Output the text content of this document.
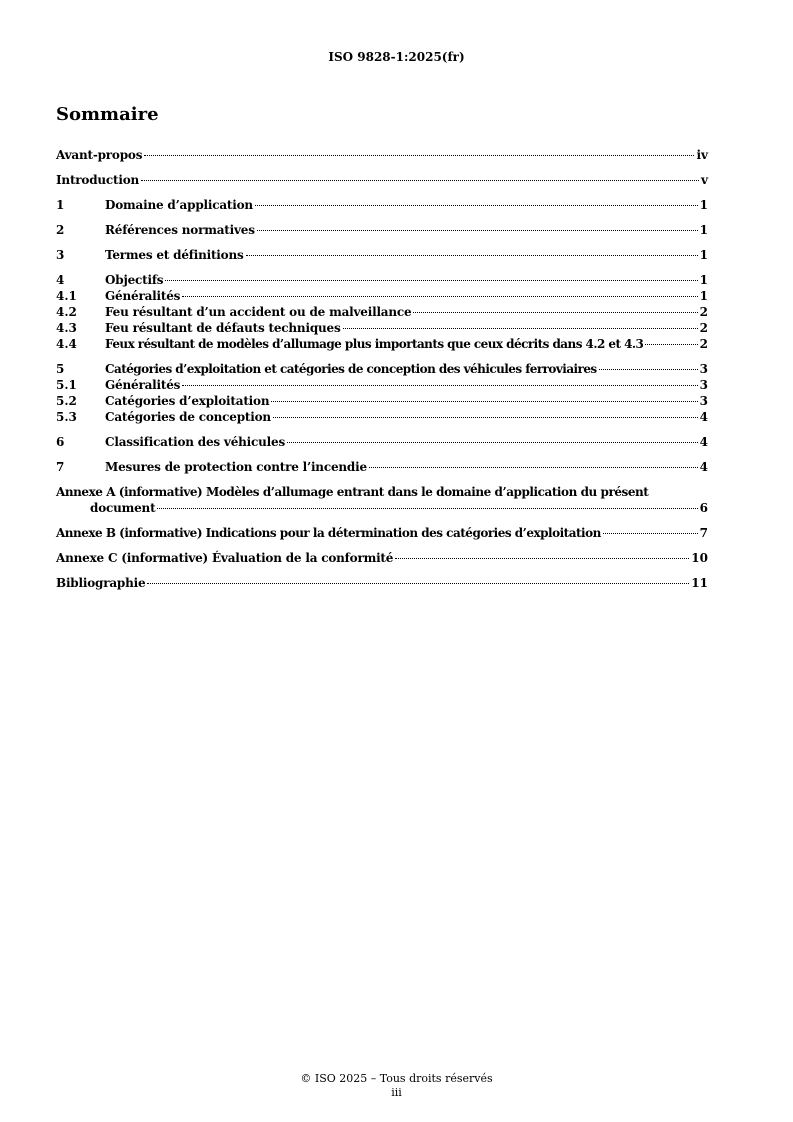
ISO 9828-1:2025(fr)
Sommaire
Avant-propos	iv
Introduction	v
1	Domaine d’application	1
2	Références normatives	1
3	Termes et définitions	1
4	Objectifs	1
4.1	Généralités	1
4.2	Feu résultant d’un accident ou de malveillance	2
4.3	Feu résultant de défauts techniques	2
4.4	Feux résultant de modèles d’allumage plus importants que ceux décrits dans 4.2 et 4.3	2
5	Catégories d’exploitation et catégories de conception des véhicules ferroviaires	3
5.1	Généralités	3
5.2	Catégories d’exploitation	3
5.3	Catégories de conception	4
6	Classification des véhicules	4
7	Mesures de protection contre l’incendie	4
Annexe A (informative) Modèles d’allumage entrant dans le domaine d’application du présent
document	6
Annexe B (informative) Indications pour la détermination des catégories d’exploitation	7
Annexe C (informative) Évaluation de la conformité	10
Bibliographie	11
© ISO 2025 – Tous droits réservés
iii
